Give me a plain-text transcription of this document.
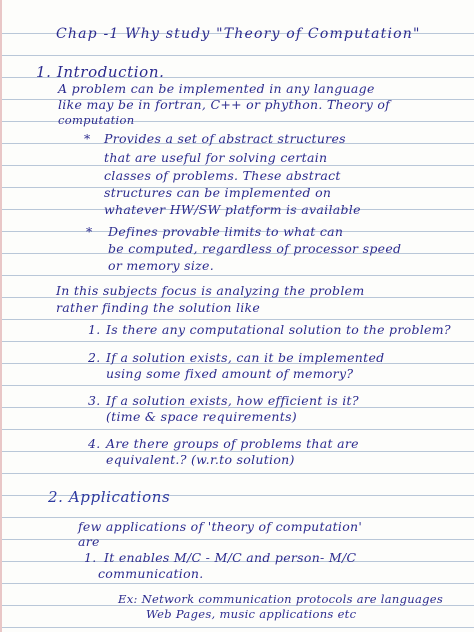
Chap -1 Why study "Theory of Computation"
1. Introduction.
A problem can be implemented in any language
like may be in fortran, C++ or phython. Theory of
computation
* Provides a set of abstract structures
that are useful for solving certain
classes of problems. These abstract
structures can be implemented on
whatever HW/SW platform is available
* Defines provable limits to what can
be computed, regardless of processor speed
or memory size.
In this subjects focus is analyzing the problem
rather finding the solution like
1. Is there any computational solution to the problem?
2. If a solution exists, can it be implemented
using some fixed amount of memory?
3. If a solution exists, how efficient is it?
(time & space requirements)
4. Are there groups of problems that are
equivalent.? (w.r.to solution)
2. Applications
few applications of 'theory of computation'
are
1. It enables M/C - M/C and person- M/C
communication.
Ex: Network communication protocols are languages
Web Pages, music applications etc
